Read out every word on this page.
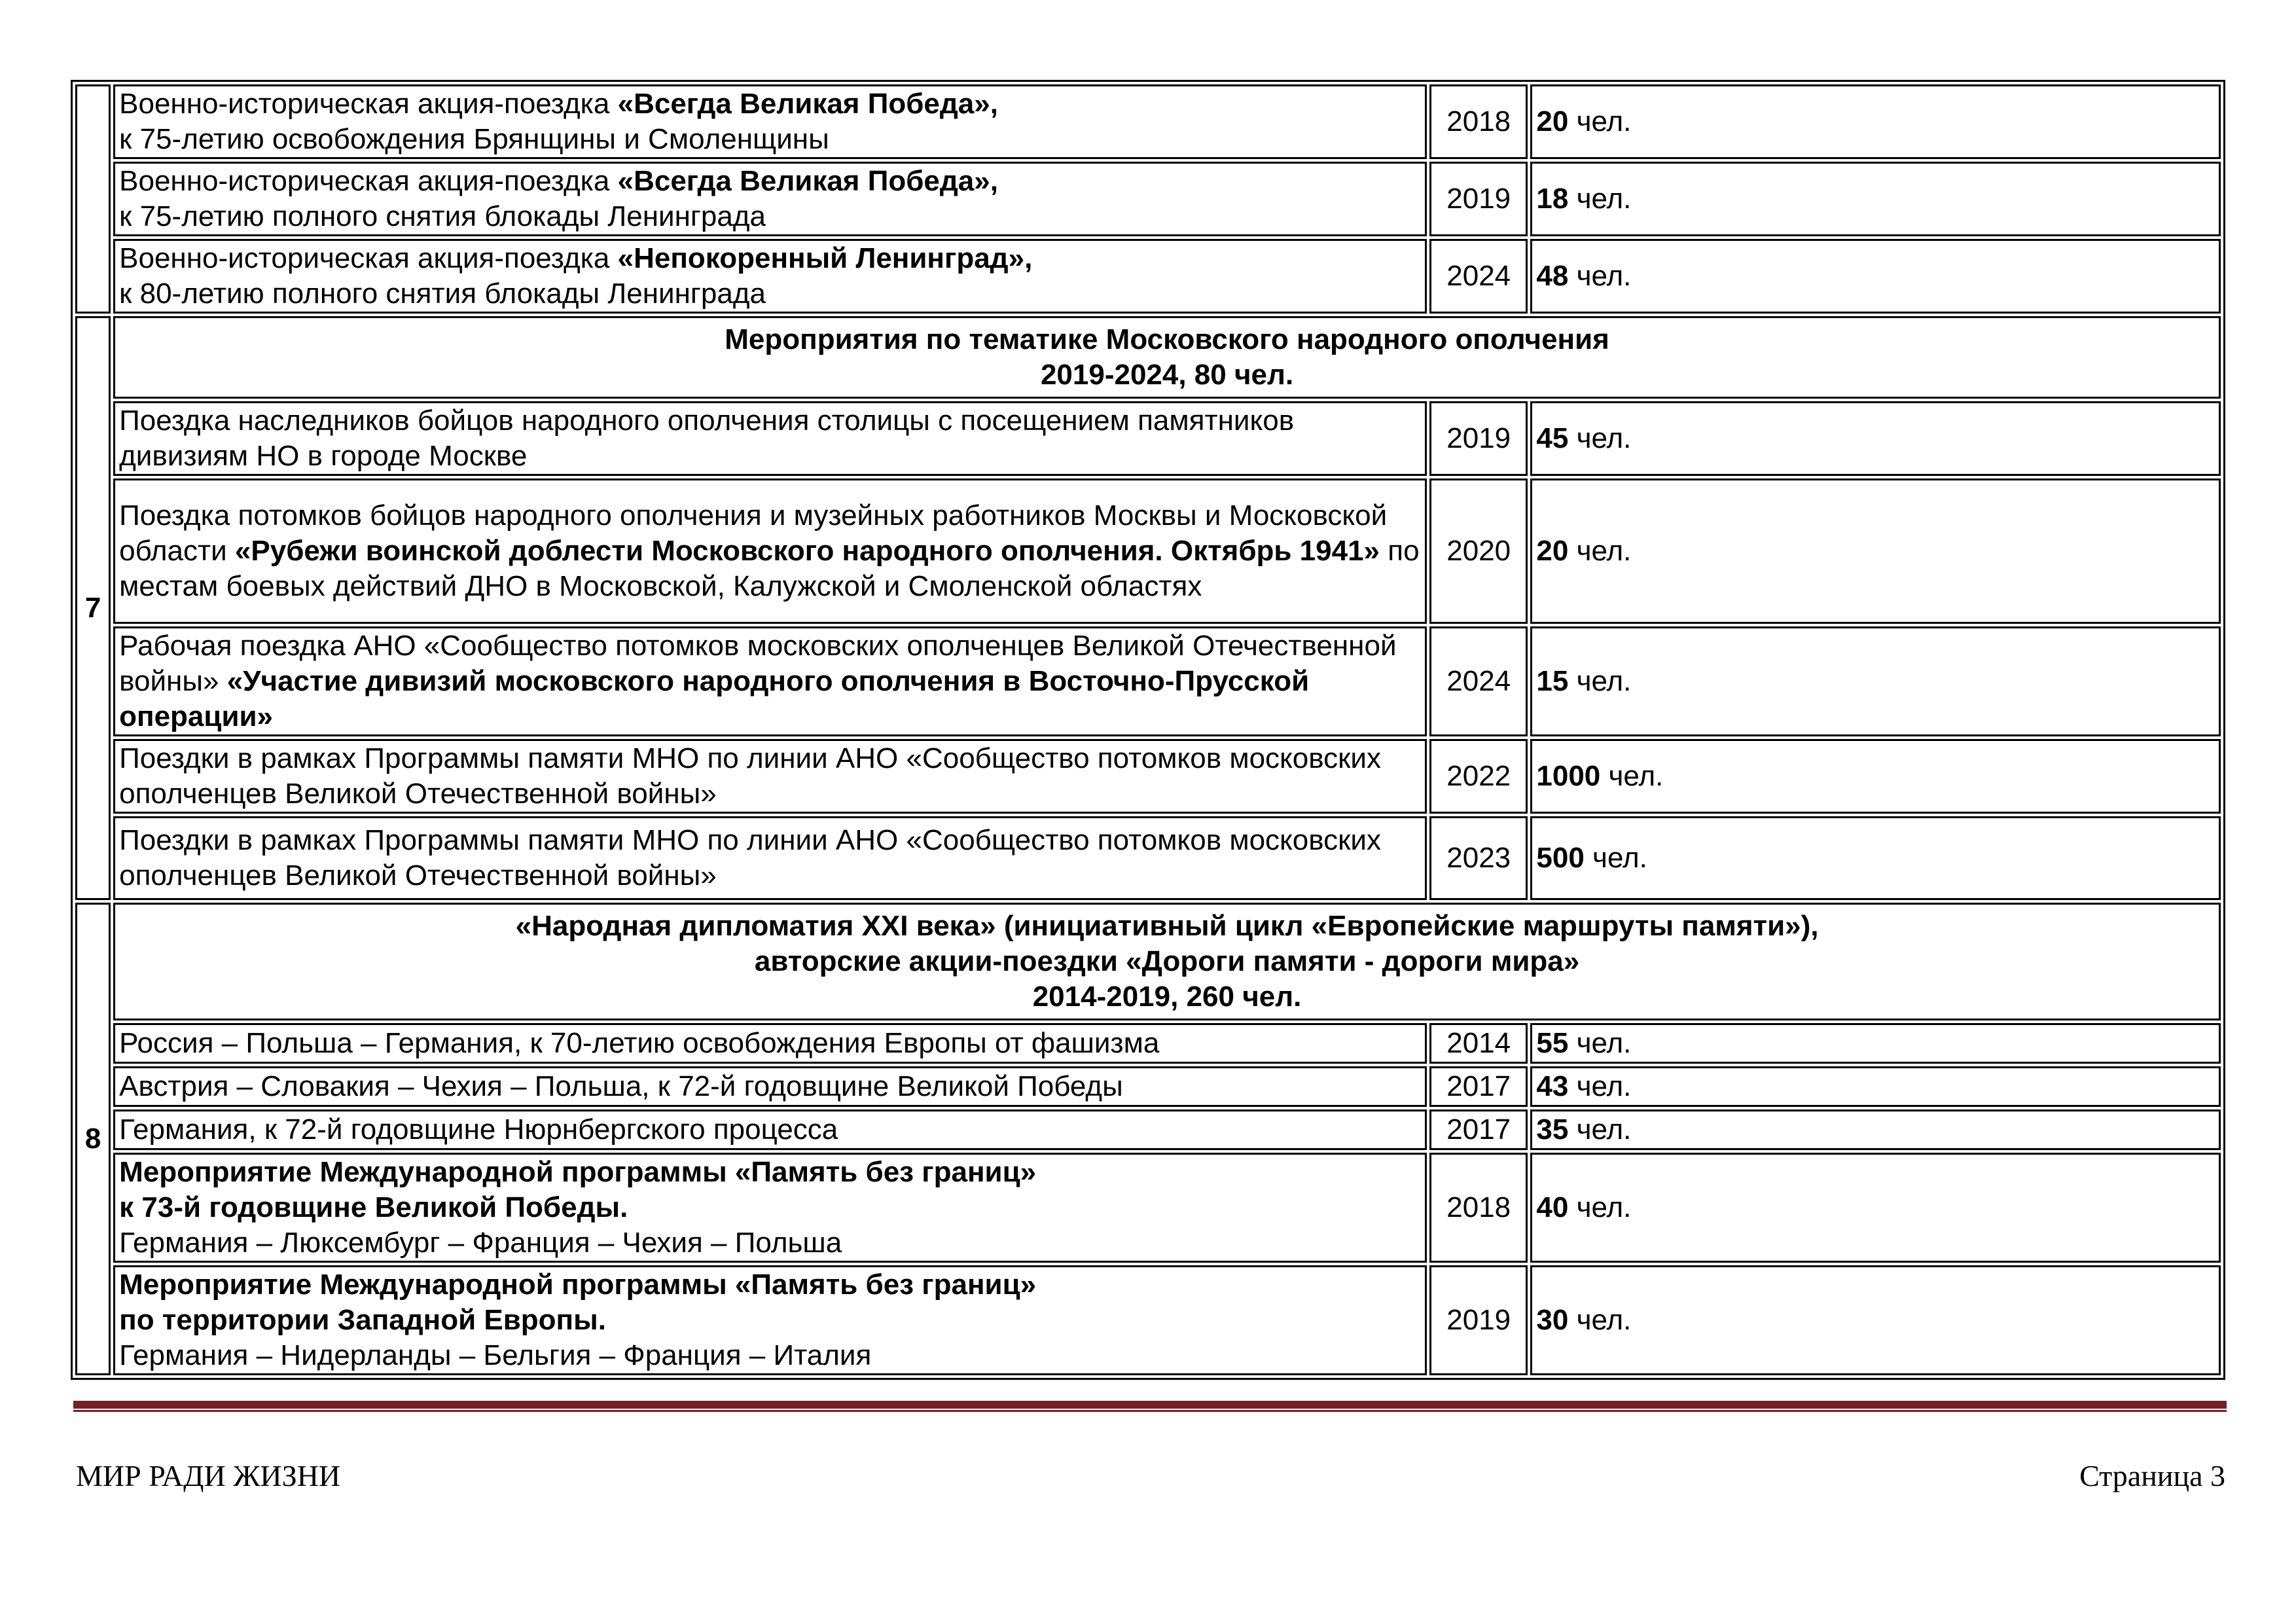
	Военно-историческая акция-поездка «Всегда Великая Победа»,
к 75-летию освобождения Брянщины и Смоленщины	2018	20 чел.

	Военно-историческая акция-поездка «Всегда Великая Победа»,
к 75-летию полного снятия блокады Ленинграда	2019	18 чел.

	Военно-историческая акция-поездка «Непокоренный Ленинград»,
к 80-летию полного снятия блокады Ленинграда	2024	48 чел.
7	Мероприятия по тематике Московского народного ополчения
2019-2024, 80 чел.		

	Поездка наследников бойцов народного ополчения столицы с посещением памятников дивизиям НО в городе Москве	2019	45 чел.
	Поездка потомков бойцов народного ополчения и музейных работников Москвы и Московской области «Рубежи воинской доблести Московского народного ополчения. Октябрь 1941» по местам боевых действий ДНО в Московской, Калужской и Смоленской областях	2020	20 чел.
	Рабочая поездка АНО «Сообщество потомков московских ополченцев Великой Отечественной войны» «Участие дивизий московского народного ополчения в Восточно-Прусской операции»	2024	15 чел.
	Поездки в рамках Программы памяти МНО по линии АНО «Сообщество потомков московских ополченцев Великой Отечественной войны»	2022	1000 чел.
	Поездки в рамках Программы памяти МНО по линии АНО «Сообщество потомков московских ополченцев Великой Отечественной войны»	2023	500 чел.
8	«Народная дипломатия XXI века» (инициативный цикл «Европейские маршруты памяти»),
авторские акции-поездки «Дороги памяти - дороги мира»
2014-2019, 260 чел.		

	Россия – Польша – Германия, к 70-летию освобождения Европы от фашизма	2014	55 чел.
	Австрия – Словакия – Чехия – Польша, к 72-й годовщине Великой Победы	2017	43 чел.
	Германия, к 72-й годовщине Нюрнбергского процесса	2017	35 чел.

	Мероприятие Международной программы «Память без границ»
к 73-й годовщине Великой Победы.
Германия – Люксембург – Франция – Чехия – Польша	2018	40 чел.

	Мероприятие Международной программы «Память без границ»
по территории Западной Европы.
Германия – Нидерланды – Бельгия – Франция – Италия	2019	30 чел.
МИР РАДИ ЖИЗНИ	Страница 3
